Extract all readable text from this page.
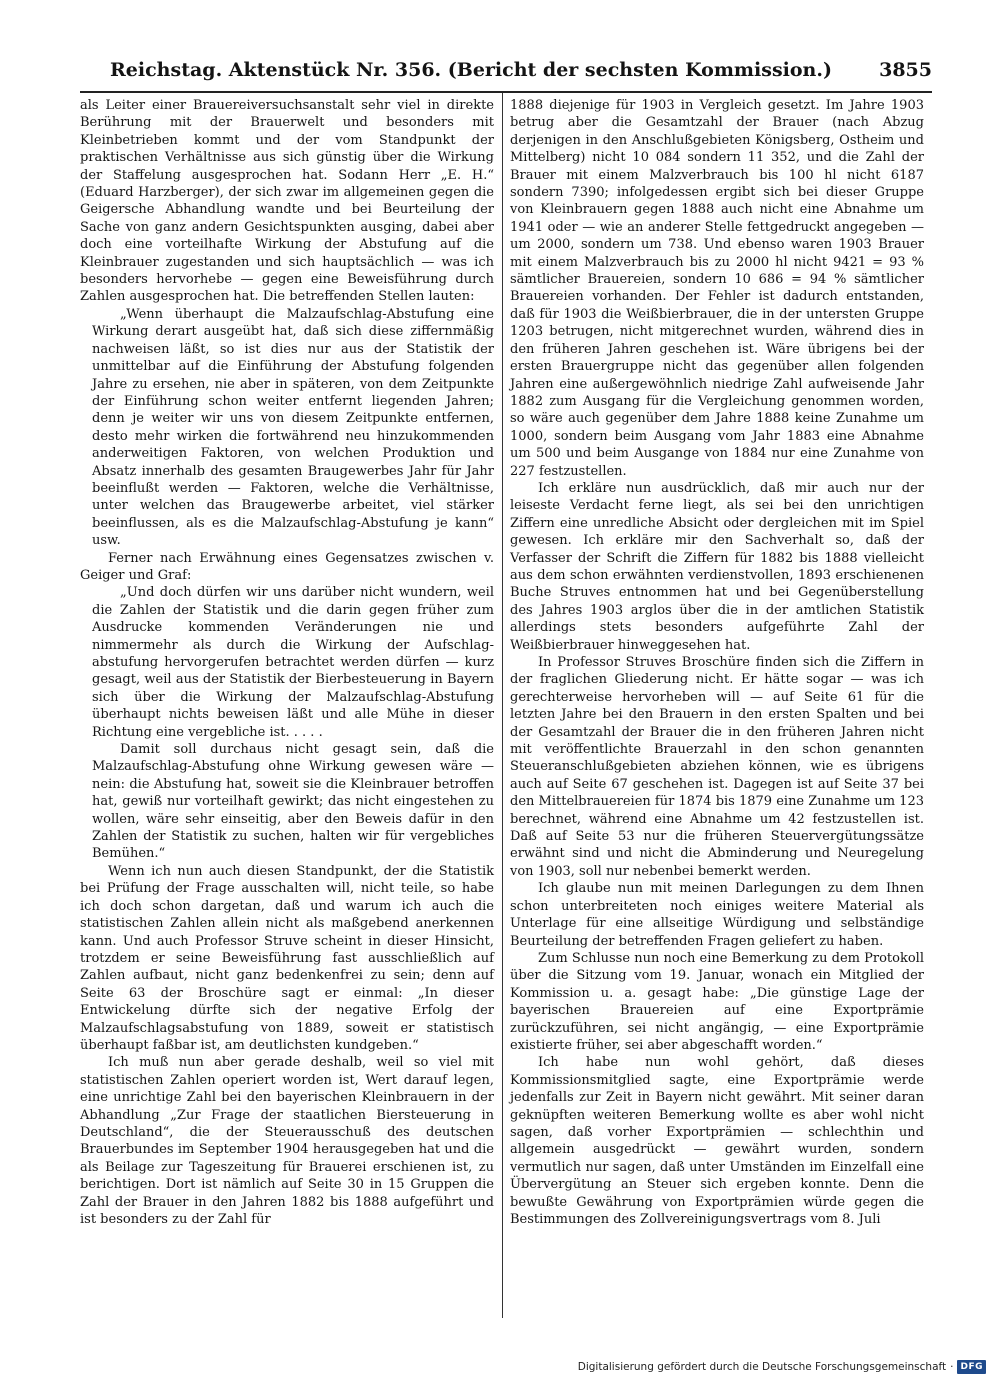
Reichstag. Aktenstück Nr. 356. (Bericht der sechsten Kommission.)	3855

als Leiter einer Brauereiversuchsanstalt sehr viel in direkte Berührung mit der Brauerwelt und besonders mit Kleinbetrieben kommt und der vom Standpunkt der praktischen Verhältnisse aus sich günstig über die Wirkung der Staffelung ausgesprochen hat. Sodann Herr „E. H.“ (Eduard Harzberger), der sich zwar im allgemeinen gegen die Geigersche Abhandlung wandte und bei Beurteilung der Sache von ganz andern Gesichtspunkten ausging, dabei aber doch eine vorteilhafte Wirkung der Abstufung auf die Kleinbrauer zugestanden und sich hauptsächlich — was ich besonders hervorhebe — gegen eine Beweisführung durch Zahlen ausgesprochen hat. Die betreffenden Stellen lauten:

„Wenn überhaupt die Malzaufschlag-Abstufung eine Wirkung derart ausgeübt hat, daß sich diese ziffernmäßig nachweisen läßt, so ist dies nur aus der Statistik der unmittelbar auf die Einführung der Abstufung folgenden Jahre zu ersehen, nie aber in späteren, von dem Zeitpunkte der Einführung schon weiter entfernt liegenden Jahren; denn je weiter wir uns von diesem Zeitpunkte entfernen, desto mehr wirken die fortwährend neu hinzukommenden anderweitigen Faktoren, von welchen Produktion und Absatz innerhalb des gesamten Braugewerbes Jahr für Jahr beeinflußt werden — Faktoren, welche die Verhältnisse, unter welchen das Braugewerbe arbeitet, viel stärker beeinflussen, als es die Malzaufschlag-Abstufung je kann“ usw.

Ferner nach Erwähnung eines Gegensatzes zwischen v. Geiger und Graf:

„Und doch dürfen wir uns darüber nicht wundern, weil die Zahlen der Statistik und die darin gegen früher zum Ausdrucke kommenden Veränderungen nie und nimmermehr als durch die Wirkung der Aufschlag-abstufung hervorgerufen betrachtet werden dürfen — kurz gesagt, weil aus der Statistik der Bierbesteuerung in Bayern sich über die Wirkung der Malzaufschlag-Abstufung überhaupt nichts beweisen läßt und alle Mühe in dieser Richtung eine vergebliche ist. . . . .

Damit soll durchaus nicht gesagt sein, daß die Malzaufschlag-Abstufung ohne Wirkung gewesen wäre — nein: die Abstufung hat, soweit sie die Kleinbrauer betroffen hat, gewiß nur vorteilhaft gewirkt; das nicht eingestehen zu wollen, wäre sehr einseitig, aber den Beweis dafür in den Zahlen der Statistik zu suchen, halten wir für vergebliches Bemühen.“

Wenn ich nun auch diesen Standpunkt, der die Statistik bei Prüfung der Frage ausschalten will, nicht teile, so habe ich doch schon dargetan, daß und warum ich auch die statistischen Zahlen allein nicht als maßgebend anerkennen kann. Und auch Professor Struve scheint in dieser Hinsicht, trotzdem er seine Beweisführung fast ausschließlich auf Zahlen aufbaut, nicht ganz bedenkenfrei zu sein; denn auf Seite 63 der Broschüre sagt er einmal: „In dieser Entwickelung dürfte sich der negative Erfolg der Malzaufschlagsabstufung von 1889, soweit er statistisch überhaupt faßbar ist, am deutlichsten kundgeben.“

Ich muß nun aber gerade deshalb, weil so viel mit statistischen Zahlen operiert worden ist, Wert darauf legen, eine unrichtige Zahl bei den bayerischen Kleinbrauern in der Abhandlung „Zur Frage der staatlichen Biersteuerung in Deutschland“, die der Steuerausschuß des deutschen Brauerbundes im September 1904 herausgegeben hat und die als Beilage zur Tageszeitung für Brauerei erschienen ist, zu berichtigen. Dort ist nämlich auf Seite 30 in 15 Gruppen die Zahl der Brauer in den Jahren 1882 bis 1888 aufgeführt und ist besonders zu der Zahl für

1888 diejenige für 1903 in Vergleich gesetzt. Im Jahre 1903 betrug aber die Gesamtzahl der Brauer (nach Abzug derjenigen in den Anschlußgebieten Königsberg, Ostheim und Mittelberg) nicht 10 084 sondern 11 352, und die Zahl der Brauer mit einem Malzverbrauch bis 100 hl nicht 6187 sondern 7390; infolgedessen ergibt sich bei dieser Gruppe von Kleinbrauern gegen 1888 auch nicht eine Abnahme um 1941 oder — wie an anderer Stelle fettgedruckt angegeben — um 2000, sondern um 738. Und ebenso waren 1903 Brauer mit einem Malzverbrauch bis zu 2000 hl nicht 9421 = 93 % sämtlicher Brauereien, sondern 10 686 = 94 % sämtlicher Brauereien vorhanden. Der Fehler ist dadurch entstanden, daß für 1903 die Weißbierbrauer, die in der untersten Gruppe 1203 betrugen, nicht mitgerechnet wurden, während dies in den früheren Jahren geschehen ist. Wäre übrigens bei der ersten Brauergruppe nicht das gegenüber allen folgenden Jahren eine außergewöhnlich niedrige Zahl aufweisende Jahr 1882 zum Ausgang für die Vergleichung genommen worden, so wäre auch gegenüber dem Jahre 1888 keine Zunahme um 1000, sondern beim Ausgang vom Jahr 1883 eine Abnahme um 500 und beim Ausgange von 1884 nur eine Zunahme von 227 festzustellen.

Ich erkläre nun ausdrücklich, daß mir auch nur der leiseste Verdacht ferne liegt, als sei bei den unrichtigen Ziffern eine unredliche Absicht oder dergleichen mit im Spiel gewesen. Ich erkläre mir den Sachverhalt so, daß der Verfasser der Schrift die Ziffern für 1882 bis 1888 vielleicht aus dem schon erwähnten verdienstvollen, 1893 erschienenen Buche Struves entnommen hat und bei Gegenüberstellung des Jahres 1903 arglos über die in der amtlichen Statistik allerdings stets besonders aufgeführte Zahl der Weißbierbrauer hinweggesehen hat.

In Professor Struves Broschüre finden sich die Ziffern in der fraglichen Gliederung nicht. Er hätte sogar — was ich gerechterweise hervorheben will — auf Seite 61 für die letzten Jahre bei den Brauern in den ersten Spalten und bei der Gesamtzahl der Brauer die in den früheren Jahren nicht mit veröffentlichte Brauerzahl in den schon genannten Steueranschlußgebieten abziehen können, wie es übrigens auch auf Seite 67 geschehen ist. Dagegen ist auf Seite 37 bei den Mittelbrauereien für 1874 bis 1879 eine Zunahme um 123 berechnet, während eine Abnahme um 42 festzustellen ist. Daß auf Seite 53 nur die früheren Steuervergütungssätze erwähnt sind und nicht die Abminderung und Neuregelung von 1903, soll nur nebenbei bemerkt werden.

Ich glaube nun mit meinen Darlegungen zu dem Ihnen schon unterbreiteten noch einiges weitere Material als Unterlage für eine allseitige Würdigung und selbständige Beurteilung der betreffenden Fragen geliefert zu haben.

Zum Schlusse nun noch eine Bemerkung zu dem Protokoll über die Sitzung vom 19. Januar, wonach ein Mitglied der Kommission u. a. gesagt habe: „Die günstige Lage der bayerischen Brauereien auf eine Exportprämie zurückzuführen, sei nicht angängig, — eine Exportprämie existierte früher, sei aber abgeschafft worden.“

Ich habe nun wohl gehört, daß dieses Kommissionsmitglied sagte, eine Exportprämie werde jedenfalls zur Zeit in Bayern nicht gewährt. Mit seiner daran geknüpften weiteren Bemerkung wollte es aber wohl nicht sagen, daß vorher Exportprämien — schlechthin und allgemein ausgedrückt — gewährt wurden, sondern vermutlich nur sagen, daß unter Umständen im Einzelfall eine Übervergütung an Steuer sich ergeben konnte. Denn die bewußte Gewährung von Exportprämien würde gegen die Bestimmungen des Zollvereinigungsvertrags vom 8. Juli

Digitalisierung gefördert durch die Deutsche Forschungsgemeinschaft · DFG
